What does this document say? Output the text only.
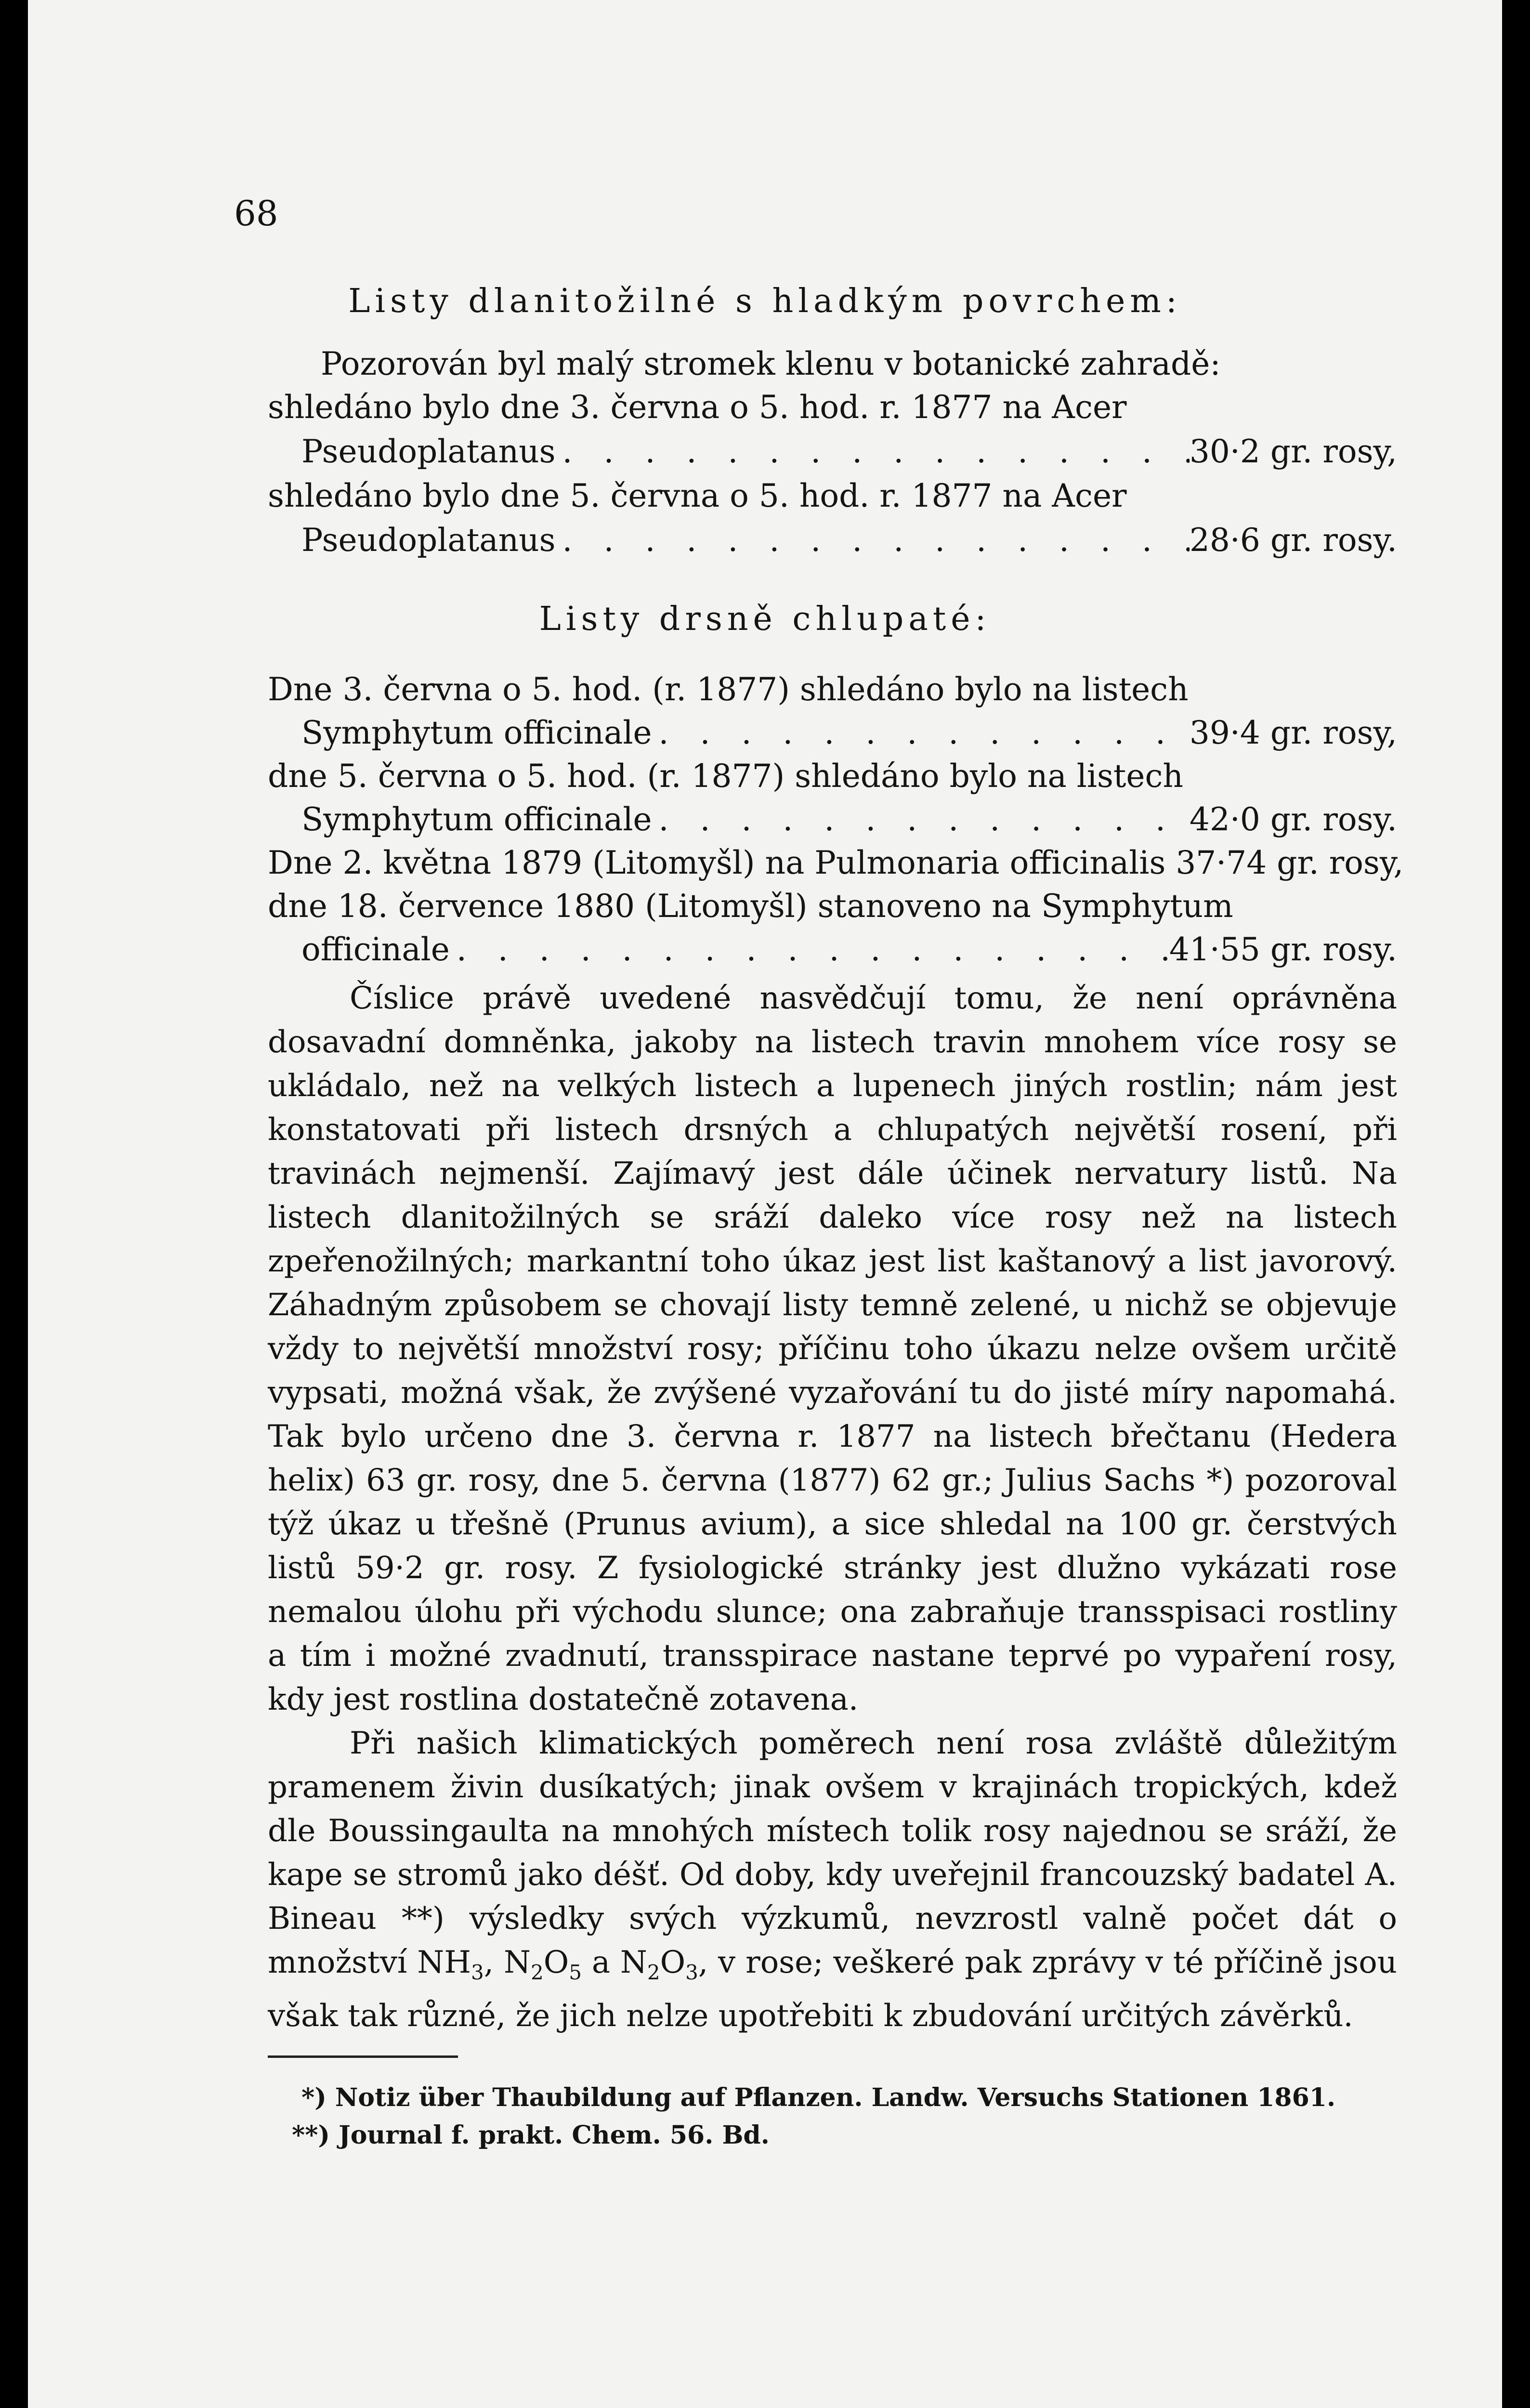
68
Listy dlanitožilné s hladkým povrchem:
Pozorován byl malý stromek klenu v botanické zahradě:
shledáno bylo dne 3. června o 5. hod. r. 1877 na Acer
Pseudoplatanus . . .	30·2 gr. rosy,
shledáno bylo dne 5. června o 5. hod. r. 1877 na Acer
Pseudoplatanus . . .	28·6 gr. rosy.
Listy drsně chlupaté:
Dne 3. června o 5. hod. (r. 1877) shledáno bylo na listech
Symphytum officinale . . .	39·4 gr. rosy,
dne 5. června o 5. hod. (r. 1877) shledáno bylo na listech
Symphytum officinale . . .	42·0 gr. rosy.
Dne 2. května 1879 (Litomyšl) na Pulmonaria officinalis 37·74 gr. rosy,
dne 18. července 1880 (Litomyšl) stanoveno na Symphytum
officinale . . .	41·55 gr. rosy.

Číslice právě uvedené nasvědčují tomu, že není oprávněna dosavadní domněnka, jakoby na listech travin mnohem více rosy se ukládalo, než na velkých listech a lupenech jiných rostlin; nám jest konstatovati při listech drsných a chlupatých největší rosení, při travinách nejmenší. Zajímavý jest dále účinek nervatury listů. Na listech dlanitožilných se sráží daleko více rosy než na listech zpeřenožilných; markantní toho úkaz jest list kaštanový a list javorový. Záhadným způsobem se chovají listy temně zelené, u nichž se objevuje vždy to největší množství rosy; příčinu toho úkazu nelze ovšem určitě vypsati, možná však, že zvýšené vyzařování tu do jisté míry napomahá. Tak bylo určeno dne 3. června r. 1877 na listech břečtanu (Hedera helix) 63 gr. rosy, dne 5. června (1877) 62 gr.; Julius Sachs *) pozoroval týž úkaz u třešně (Prunus avium), a sice shledal na 100 gr. čerstvých listů 59·2 gr. rosy. Z fysiologické stránky jest dlužno vykázati rose nemalou úlohu při východu slunce; ona zabraňuje transspisaci rostliny a tím i možné zvadnutí, transspirace nastane teprvé po vypaření rosy, kdy jest rostlina dostatečně zotavena.

Při našich klimatických poměrech není rosa zvláště důležitým pramenem živin dusíkatých; jinak ovšem v krajinách tropických, kdež dle Boussingaulta na mnohých místech tolik rosy najednou se sráží, že kape se stromů jako déšť. Od doby, kdy uveřejnil francouzský badatel A. Bineau **) výsledky svých výzkumů, nevzrostl valně počet dát o množství $NH_3$, $N_2O_5$ a $N_2O_3$, v rose; veškeré pak zprávy v té příčině jsou však tak různé, že jich nelze upotřebiti k zbudování určitých závěrků.

*) Notiz über Thaubildung auf Pflanzen. Landw. Versuchs Stationen 1861.
**) Journal f. prakt. Chem. 56. Bd.
